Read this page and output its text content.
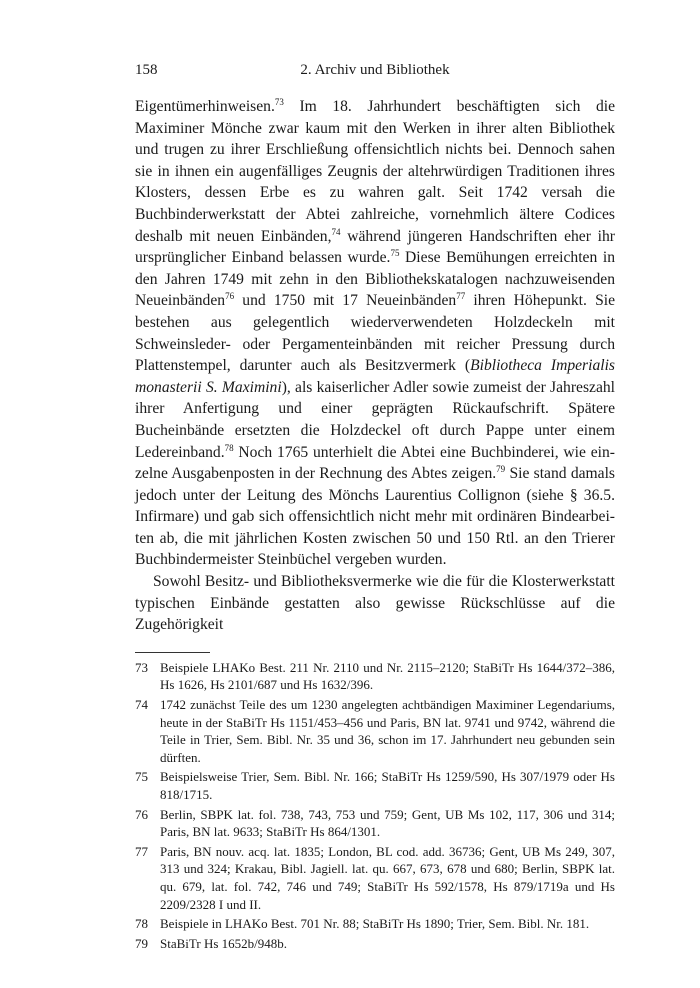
158	2. Archiv und Bibliothek

Eigentümerhinweisen.$^{73}$ Im 18. Jahrhundert beschäftigten sich die Maximiner Mönche zwar kaum mit den Werken in ihrer alten Bibliothek und trugen zu ihrer Erschließung offensichtlich nichts bei. Dennoch sahen sie in ihnen ein augenfälliges Zeugnis der altehrwürdigen Traditionen ihres Klosters, dessen Erbe es zu wahren galt. Seit 1742 versah die Buchbinderwerkstatt der Abtei zahlreiche, vornehmlich ältere Codices deshalb mit neuen Einbänden,$^{74}$ während jüngeren Handschriften eher ihr ursprünglicher Einband belassen wurde.$^{75}$ Diese Bemühungen erreichten in den Jahren 1749 mit zehn in den Bibliothekskatalogen nachzuweisenden Neueinbänden$^{76}$ und 1750 mit 17 Neueinbänden$^{77}$ ihren Höhepunkt. Sie bestehen aus gelegentlich wiederverwendeten Holzdeckeln mit Schweinsleder- oder Pergamenteinbänden mit reicher Pressung durch Plattenstempel, darunter auch als Besitzvermerk (Bibliotheca Imperialis monasterii S. Maximini), als kaiserlicher Adler sowie zumeist der Jahreszahl ihrer Anfertigung und einer geprägten Rückaufschrift. Spätere Bucheinbände ersetzten die Holzdeckel oft durch Pappe unter einem Ledereinband.$^{78}$ Noch 1765 unterhielt die Abtei eine Buchbinderei, wie einzelne Ausgabenposten in der Rechnung des Abtes zeigen.$^{79}$ Sie stand damals jedoch unter der Leitung des Mönchs Laurentius Collignon (siehe § 36.5. Infirmare) und gab sich offensichtlich nicht mehr mit ordinären Bindearbeiten ab, die mit jährlichen Kosten zwischen 50 und 150 Rtl. an den Trierer Buchbindermeister Steinbüchel vergeben wurden.

Sowohl Besitz- und Bibliotheksvermerke wie die für die Klosterwerkstatt typischen Einbände gestatten also gewisse Rückschlüsse auf die Zugehörigkeit

73 Beispiele LHAKo Best. 211 Nr. 2110 und Nr. 2115–2120; StaBiTr Hs 1644/372–386, Hs 1626, Hs 2101/687 und Hs 1632/396.
74 1742 zunächst Teile des um 1230 angelegten achtbändigen Maximiner Legendariums, heute in der StaBiTr Hs 1151/453–456 und Paris, BN lat. 9741 und 9742, während die Teile in Trier, Sem. Bibl. Nr. 35 und 36, schon im 17. Jahrhundert neu gebunden sein dürften.
75 Beispielsweise Trier, Sem. Bibl. Nr. 166; StaBiTr Hs 1259/590, Hs 307/1979 oder Hs 818/1715.
76 Berlin, SBPK lat. fol. 738, 743, 753 und 759; Gent, UB Ms 102, 117, 306 und 314; Paris, BN lat. 9633; StaBiTr Hs 864/1301.
77 Paris, BN nouv. acq. lat. 1835; London, BL cod. add. 36736; Gent, UB Ms 249, 307, 313 und 324; Krakau, Bibl. Jagiell. lat. qu. 667, 673, 678 und 680; Berlin, SBPK lat. qu. 679, lat. fol. 742, 746 und 749; StaBiTr Hs 592/1578, Hs 879/1719a und Hs 2209/2328 I und II.
78 Beispiele in LHAKo Best. 701 Nr. 88; StaBiTr Hs 1890; Trier, Sem. Bibl. Nr. 181.
79 StaBiTr Hs 1652b/948b.
